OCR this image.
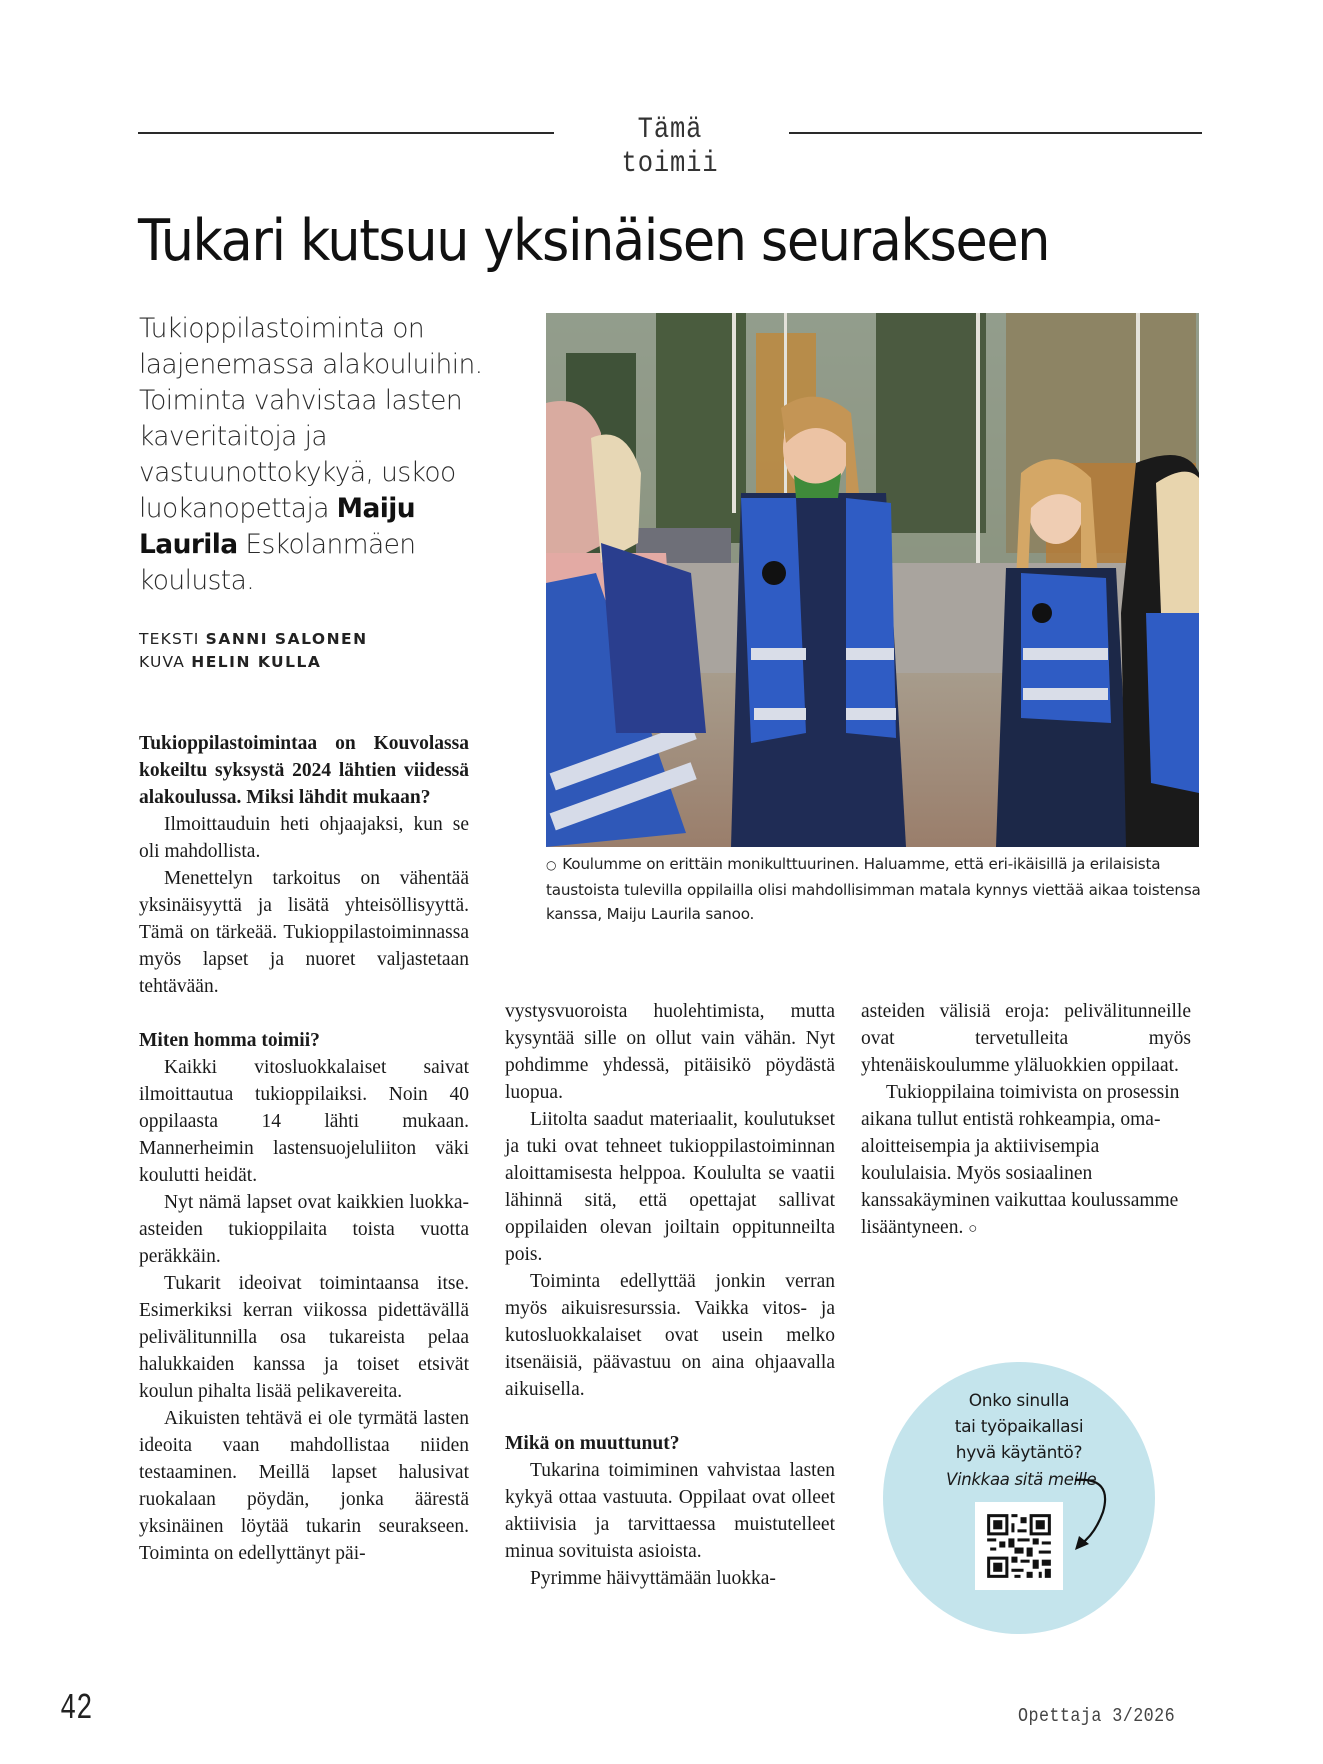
Tämä toimii
Tukari kutsuu yksinäisen seurakseen
Tukioppilastoiminta on laajenemassa alakouluihin. Toiminta vahvistaa lasten kaveritaitoja ja vastuunottokykyä, uskoo luokanopettaja Maiju Laurila Eskolanmäen koulusta.
TEKSTI SANNI SALONEN
KUVA HELIN KULLA
○ Koulumme on erittäin monikulttuurinen. Haluamme, että eri-ikäisillä ja erilaisista taustoista tulevilla oppilailla olisi mahdollisimman matala kynnys viettää aikaa toistensa kanssa, Maiju Laurila sanoo.

Tukioppilastoimintaa on Kouvolassa kokeiltu syksystä 2024 lähtien viidessä alakoulussa. Miksi lähdit mukaan?

Ilmoittauduin heti ohjaajaksi, kun se oli mahdollista.

Menettelyn tarkoitus on vähentää yksinäisyyttä ja lisätä yhteisöllisyyttä. Tämä on tärkeää. Tukioppilastoiminnassa myös lapset ja nuoret valjastetaan tehtävään.

Miten homma toimii?

Kaikki vitosluokkalaiset saivat ilmoittautua tukioppilaiksi. Noin 40 oppilaasta 14 lähti mukaan. Mannerheimin lastensuojeluliiton väki koulutti heidät.

Nyt nämä lapset ovat kaikkien luokka-asteiden tukioppilaita toista vuotta peräkkäin.

Tukarit ideoivat toimintaansa itse. Esimerkiksi kerran viikossa pidettävällä pelivälitunnilla osa tukareista pelaa halukkaiden kanssa ja toiset etsivät koulun pihalta lisää pelikavereita.

Aikuisten tehtävä ei ole tyrmätä lasten ideoita vaan mahdollistaa niiden testaaminen. Meillä lapset halusivat ruokalaan pöydän, jonka äärestä yksinäinen löytää tukarin seurakseen. Toiminta on edellyttänyt päi-

vystysvuoroista huolehtimista, mutta kysyntää sille on ollut vain vähän. Nyt pohdimme yhdessä, pitäisikö pöydästä luopua.

Liitolta saadut materiaalit, koulutukset ja tuki ovat tehneet tukioppilastoiminnan aloittamisesta helppoa. Koululta se vaatii lähinnä sitä, että opettajat sallivat oppilaiden olevan joiltain oppitunneilta pois.

Toiminta edellyttää jonkin verran myös aikuisresurssia. Vaikka vitos- ja kutosluokkalaiset ovat usein melko itsenäisiä, päävastuu on aina ohjaavalla aikuisella.

Mikä on muuttunut?

Tukarina toimiminen vahvistaa lasten kykyä ottaa vastuuta. Oppilaat ovat olleet aktiivisia ja tarvittaessa muistutelleet minua sovituista asioista.

Pyrimme häivyttämään luokka-

asteiden välisiä eroja: pelivälitunneille ovat tervetulleita myös yhtenäiskoulumme yläluokkien oppilaat.

Tukioppilaina toimivista on prosessin aikana tullut entistä rohkeampia, oma-aloitteisempia ja aktiivisempia koululaisia. Myös sosiaalinen kanssakäyminen vaikuttaa koulussamme lisääntyneen. ○

Onko sinulla
tai työpaikallasi
hyvä käytäntö?
Vinkkaa sitä meille
42	Opettaja 3/2026
